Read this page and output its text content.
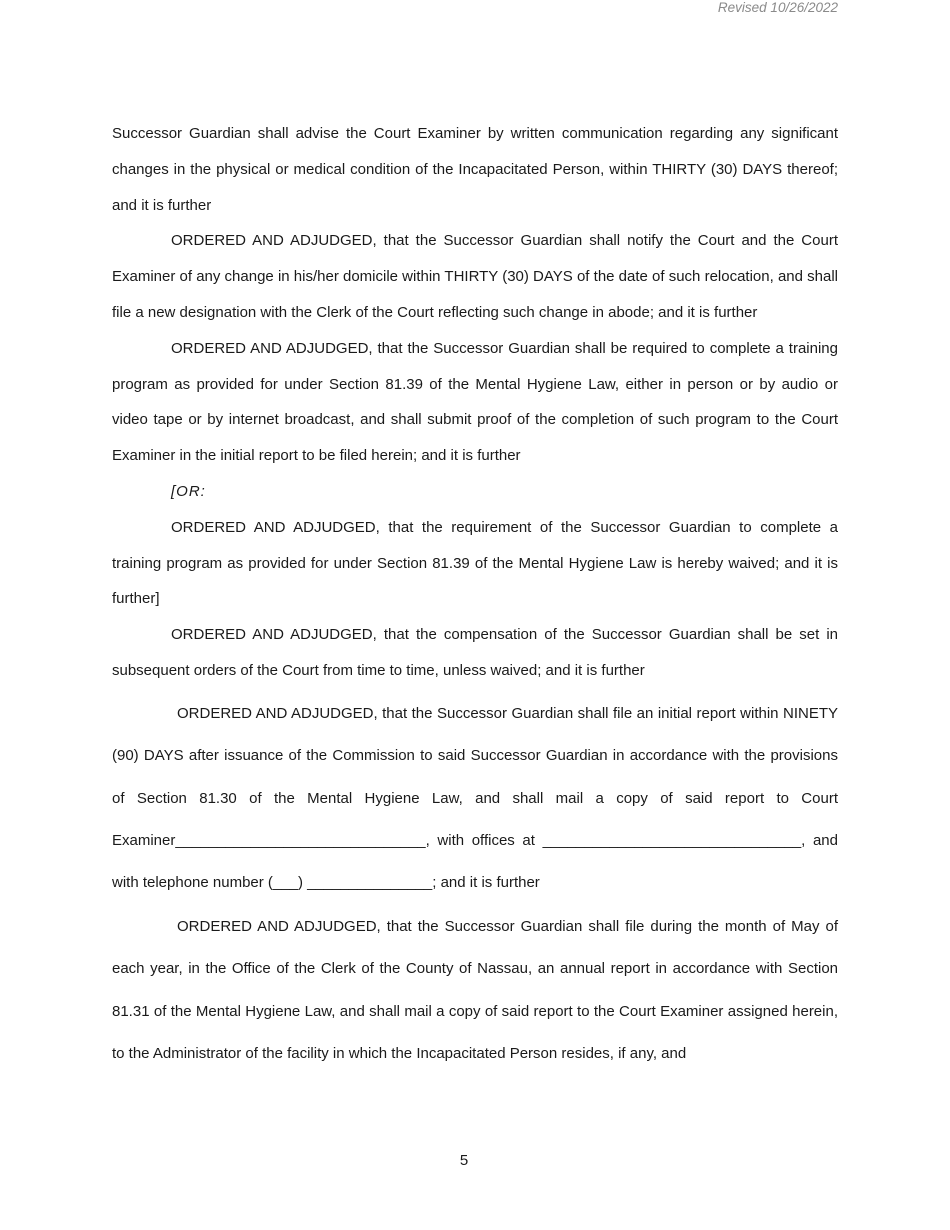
Revised 10/26/2022

Successor Guardian shall advise the Court Examiner by written communication regarding any significant changes in the physical or medical condition of the Incapacitated Person, within THIRTY (30) DAYS thereof; and it is further

ORDERED AND ADJUDGED, that the Successor Guardian shall notify the Court and the Court Examiner of any change in his/her domicile within THIRTY (30) DAYS of the date of such relocation, and shall file a new designation with the Clerk of the Court reflecting such change in abode; and it is further

ORDERED AND ADJUDGED, that the Successor Guardian shall be required to complete a training program as provided for under Section 81.39 of the Mental Hygiene Law, either in person or by audio or video tape or by internet broadcast, and shall submit proof of the completion of such program to the Court Examiner in the initial report to be filed herein; and it is further

[OR:

ORDERED AND ADJUDGED, that the requirement of the Successor Guardian to complete a training program as provided for under Section 81.39 of the Mental Hygiene Law is hereby waived; and it is further]

ORDERED AND ADJUDGED, that the compensation of the Successor Guardian shall be set in subsequent orders of the Court from time to time, unless waived; and it is further

ORDERED AND ADJUDGED, that the Successor Guardian shall file an initial report within NINETY (90) DAYS after issuance of the Commission to said Successor Guardian in accordance with the provisions of Section 81.30 of the Mental Hygiene Law, and shall mail a copy of said report to Court Examiner______________________________, with offices at _______________________________, and with telephone number (___) _______________; and it is further

ORDERED AND ADJUDGED, that the Successor Guardian shall file during the month of May of each year, in the Office of the Clerk of the County of Nassau, an annual report in accordance with Section 81.31 of the Mental Hygiene Law, and shall mail a copy of said report to the Court Examiner assigned herein, to the Administrator of the facility in which the Incapacitated Person resides, if any, and

5
